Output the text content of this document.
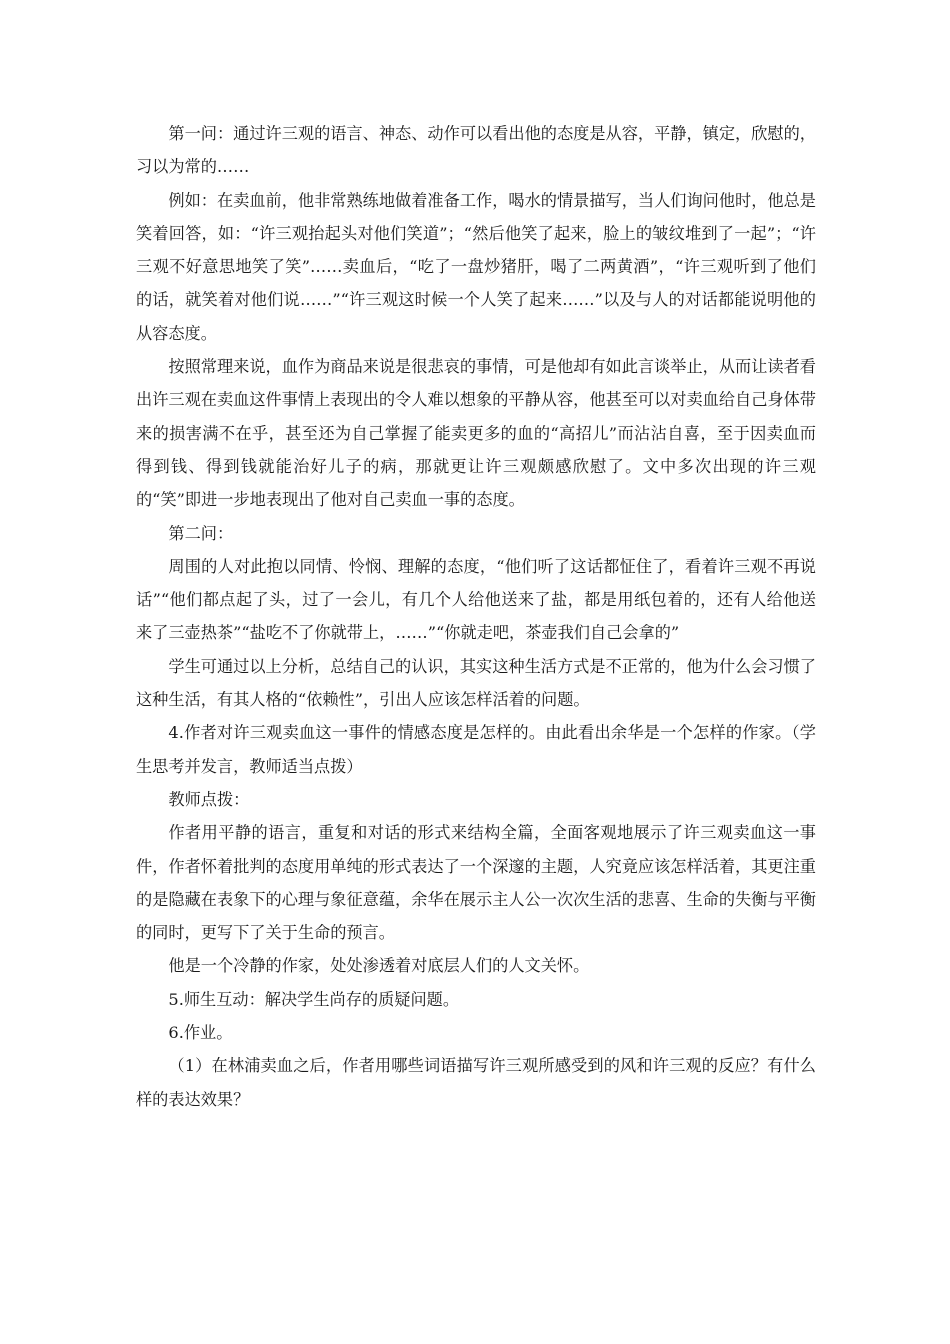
第一问：通过许三观的语言、神态、动作可以看出他的态度是从容，平静，镇定，欣慰的，习以为常的……

例如：在卖血前，他非常熟练地做着准备工作，喝水的情景描写，当人们询问他时，他总是笑着回答，如：“许三观抬起头对他们笑道”；“然后他笑了起来，脸上的皱纹堆到了一起”；“许三观不好意思地笑了笑”……卖血后，“吃了一盘炒猪肝，喝了二两黄酒”，“许三观听到了他们的话，就笑着对他们说……”“许三观这时候一个人笑了起来……”以及与人的对话都能说明他的从容态度。

按照常理来说，血作为商品来说是很悲哀的事情，可是他却有如此言谈举止，从而让读者看出许三观在卖血这件事情上表现出的令人难以想象的平静从容，他甚至可以对卖血给自己身体带来的损害满不在乎，甚至还为自己掌握了能卖更多的血的“高招儿”而沾沾自喜，至于因卖血而得到钱、得到钱就能治好儿子的病，那就更让许三观颇感欣慰了。文中多次出现的许三观的“笑”即进一步地表现出了他对自己卖血一事的态度。

第二问：

周围的人对此抱以同情、怜悯、理解的态度，“他们听了这话都怔住了，看着许三观不再说话”“他们都点起了头，过了一会儿，有几个人给他送来了盐，都是用纸包着的，还有人给他送来了三壶热茶”“盐吃不了你就带上，……”“你就走吧，茶壶我们自己会拿的”

学生可通过以上分析，总结自己的认识，其实这种生活方式是不正常的，他为什么会习惯了这种生活，有其人格的“依赖性”，引出人应该怎样活着的问题。

4.作者对许三观卖血这一事件的情感态度是怎样的。由此看出余华是一个怎样的作家。（学生思考并发言，教师适当点拨）

教师点拨：

作者用平静的语言，重复和对话的形式来结构全篇，全面客观地展示了许三观卖血这一事件，作者怀着批判的态度用单纯的形式表达了一个深邃的主题，人究竟应该怎样活着，其更注重的是隐藏在表象下的心理与象征意蕴，余华在展示主人公一次次生活的悲喜、生命的失衡与平衡的同时，更写下了关于生命的预言。

他是一个冷静的作家，处处渗透着对底层人们的人文关怀。

5.师生互动：解决学生尚存的质疑问题。

6.作业。

（1）在林浦卖血之后，作者用哪些词语描写许三观所感受到的风和许三观的反应？有什么样的表达效果？
